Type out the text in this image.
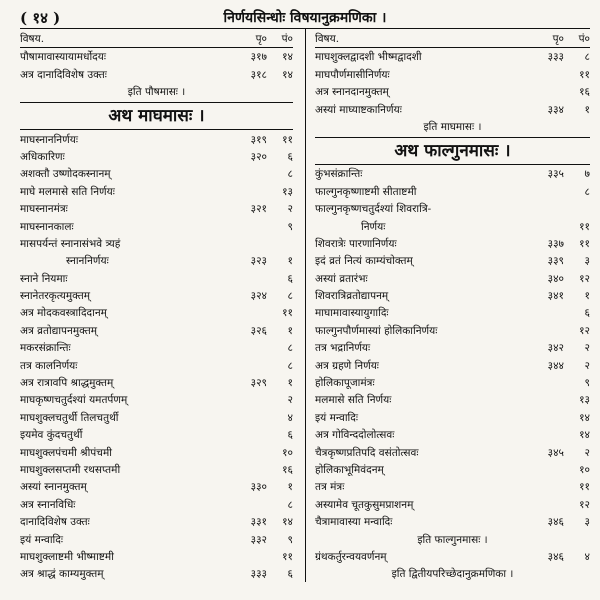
( १४ )	निर्णयसिन्धोः विषयानुक्रमणिका ।
विषय.	पृ०	पं०
पौषामावास्यायामर्धोदयः	३१७	१४
अत्र दानादिविशेष उक्तः	३१८	१४
इति पौषमासः ।
अथ माघमासः ।
माघस्नाननिर्णयः	३१९	११
अधिकारिणः	३२०	६
अशक्तौ उष्णोदकस्नानम्	८
माघे मलमासे सति निर्णयः	१३
माघस्नानमंत्रः	३२१	२
माघस्नानकालः	९
मासपर्यन्तं स्नानासंभवे त्र्यहं
स्नाननिर्णयः	३२३	१
स्नाने नियमाः	६
स्नानेतरकृत्यमुक्तम्	३२४	८
अत्र मोदकवस्त्रादिदानम्	११
अत्र व्रतोद्यापनमुक्तम्	३२६	१
मकरसंक्रान्तिः	८
तत्र कालनिर्णयः	८
अत्र रात्रावपि श्राद्धमुक्तम्	३२९	१
माघकृष्णचतुर्दश्यां यमतर्पणम्	२
माघशुक्लचतुर्थी तिलचतुर्थी	४
इयमेव कुंदचतुर्थी	६
माघशुक्लपंचमी श्रीपंचमी	१०
माघशुक्लसप्तमी रथसप्तमी	१६
अस्यां स्नानमुक्तम्	३३०	१
अत्र स्नानविधिः	८
दानादिविशेष उक्तः	३३१	१४
इयं मन्वादिः	३३२	९
माघशुक्लाष्टमी भीष्माष्टमी	११
अत्र श्राद्धं काम्यमुक्तम्	३३३	६
विषय.	पृ०	पं०
माघशुक्लद्वादशी भीष्मद्वादशी	३३३	८
माघपौर्णमासीनिर्णयः	११
अत्र स्नानदानमुक्तम्	१६
अस्यां माघ्याष्टकानिर्णयः	३३४	१
इति माघमासः ।
अथ फाल्गुनमासः ।
कुंभसंक्रान्तिः	३३५	७
फाल्गुनकृष्णाष्टमी सीताष्टमी	८
फाल्गुनकृष्णचतुर्दश्यां शिवरात्रि-
निर्णयः	११
शिवरात्रेः पारणानिर्णयः	३३७	११
इदं व्रतं नित्यं काम्यंचोक्तम्	३३९	३
अस्यां व्रतारंभः	३४०	१२
शिवरात्रिव्रतोद्यापनम्	३४१	१
माघामावास्यायुगादिः	६
फाल्गुनपौर्णमास्यां होलिकानिर्णयः	१२
तत्र भद्रानिर्णयः	३४२	२
अत्र ग्रहणे निर्णयः	३४४	२
होलिकापूजामंत्रः	९
मलमासे सति निर्णयः	१३
इयं मन्वादिः	१४
अत्र गोविन्ददोलोत्सवः	१४
चैत्रकृष्णप्रतिपदि वसंतोत्सवः	३४५	२
होलिकाभूमिवंदनम्	१०
तत्र मंत्रः	११
अस्यामेव चूतकुसुमप्राशनम्	१२
चैत्रामावास्या मन्वादिः	३४६	३
इति फाल्गुनमासः ।
ग्रंथकर्तुरन्वयवर्णनम्	३४६	४
इति द्वितीयपरिच्छेदानुक्रमणिका ।
